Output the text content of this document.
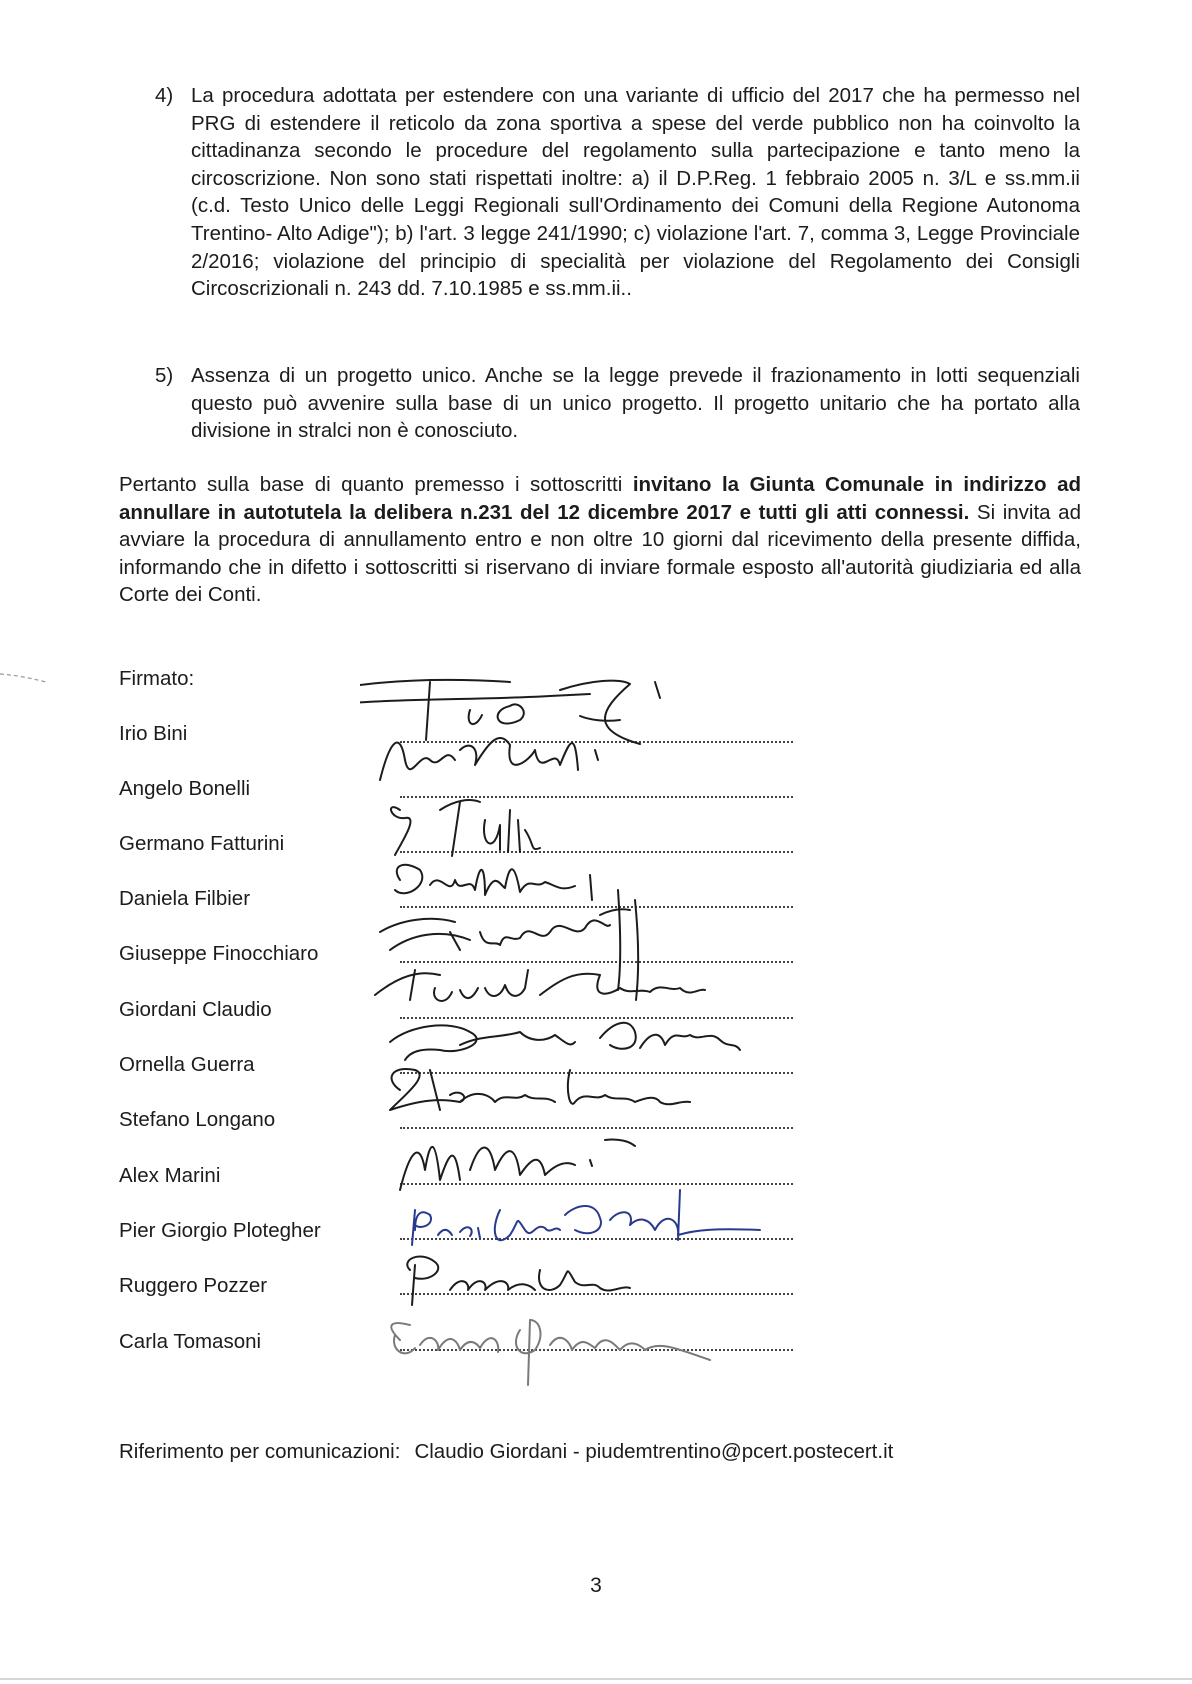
4) La procedura adottata per estendere con una variante di ufficio del 2017 che ha permesso nel PRG di estendere il reticolo da zona sportiva a spese del verde pubblico non ha coinvolto la cittadinanza secondo le procedure del regolamento sulla partecipazione e tanto meno la circoscrizione. Non sono stati rispettati inoltre: a) il D.P.Reg. 1 febbraio 2005 n. 3/L e ss.mm.ii (c.d. Testo Unico delle Leggi Regionali sull'Ordinamento dei Comuni della Regione Autonoma Trentino- Alto Adige"); b) l'art. 3 legge 241/1990; c) violazione l'art. 7, comma 3, Legge Provinciale 2/2016; violazione del principio di specialità per violazione del Regolamento dei Consigli Circoscrizionali n. 243 dd. 7.10.1985 e ss.mm.ii..
5) Assenza di un progetto unico. Anche se la legge prevede il frazionamento in lotti sequenziali questo può avvenire sulla base di un unico progetto. Il progetto unitario che ha portato alla divisione in stralci non è conosciuto.
Pertanto sulla base di quanto premesso i sottoscritti invitano la Giunta Comunale in indirizzo ad annullare in autotutela la delibera n.231 del 12 dicembre 2017 e tutti gli atti connessi. Si invita ad avviare la procedura di annullamento entro e non oltre 10 giorni dal ricevimento della presente diffida, informando che in difetto i sottoscritti si riservano di inviare formale esposto all'autorità giudiziaria ed alla Corte dei Conti.
Firmato:
Irio Bini
Angelo Bonelli
Germano Fatturini
Daniela Filbier
Giuseppe Finocchiaro
Giordani Claudio
Ornella Guerra
Stefano Longano
Alex Marini
Pier Giorgio Plotegher
Ruggero Pozzer
Carla Tomasoni
Riferimento per comunicazioni: Claudio Giordani - piudemtrentino@pcert.postecert.it
3
